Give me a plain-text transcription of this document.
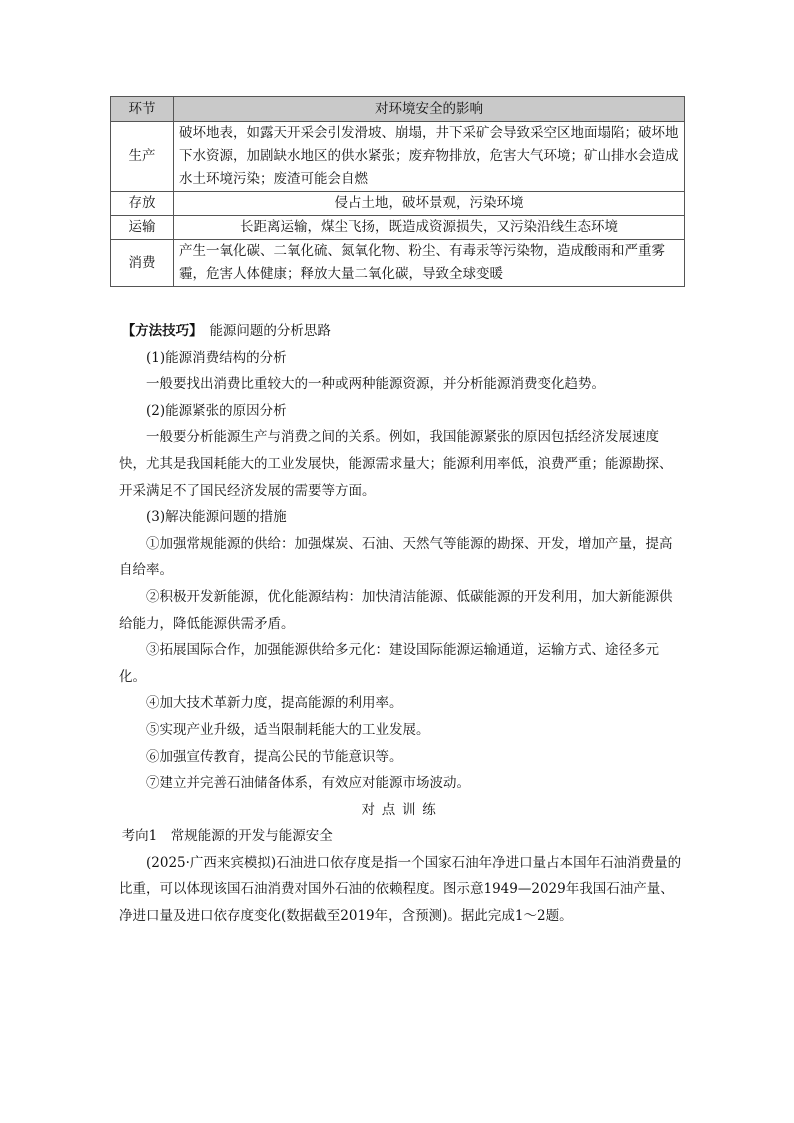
环节	对环境安全的影响
生产	破坏地表，如露天开采会引发滑坡、崩塌，井下采矿会导致采空区地面塌陷；破坏地下水资源，加剧缺水地区的供水紧张；废弃物排放，危害大气环境；矿山排水会造成水土环境污染；废渣可能会自燃
存放	侵占土地，破坏景观，污染环境
运输	长距离运输，煤尘飞扬，既造成资源损失，又污染沿线生态环境
消费	产生一氧化碳、二氧化硫、氮氧化物、粉尘、有毒汞等污染物，造成酸雨和严重雾霾，危害人体健康；释放大量二氧化碳，导致全球变暖

【方法技巧】　 能源问题的分析思路

(1)能源消费结构的分析

一般要找出消费比重较大的一种或两种能源资源，并分析能源消费变化趋势。

(2)能源紧张的原因分析

一般要分析能源生产与消费之间的关系。例如，我国能源紧张的原因包括经济发展速度快，尤其是我国耗能大的工业发展快，能源需求量大；能源利用率低，浪费严重；能源勘探、开采满足不了国民经济发展的需要等方面。

(3)解决能源问题的措施

①加强常规能源的供给：加强煤炭、石油、天然气等能源的勘探、开发，增加产量，提高自给率。

②积极开发新能源，优化能源结构：加快清洁能源、低碳能源的开发利用，加大新能源供给能力，降低能源供需矛盾。

③拓展国际合作，加强能源供给多元化：建设国际能源运输通道，运输方式、途径多元化。

④加大技术革新力度，提高能源的利用率。

⑤实现产业升级，适当限制耗能大的工业发展。

⑥加强宣传教育，提高公民的节能意识等。

⑦建立并完善石油储备体系，有效应对能源市场波动。

对点训练

考向1　常规能源的开发与能源安全

(2025·广西来宾模拟)石油进口依存度是指一个国家石油年净进口量占本国年石油消费量的比重，可以体现该国石油消费对国外石油的依赖程度。图示意1949—2029年我国石油产量、净进口量及进口依存度变化(数据截至2019年，含预测)。据此完成1～2题。
